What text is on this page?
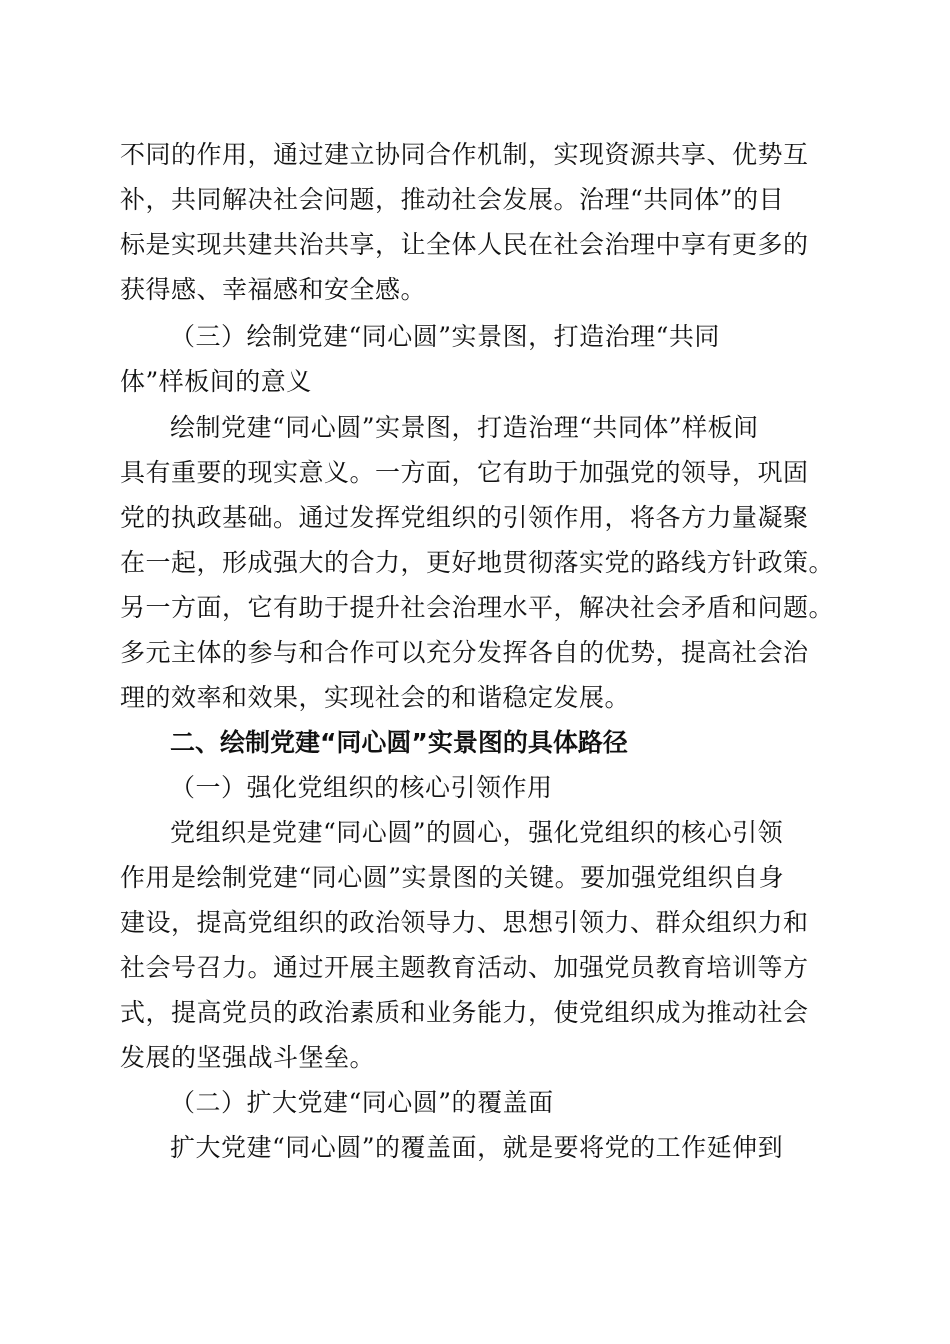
不同的作用，通过建立协同合作机制，实现资源共享、优势互
补，共同解决社会问题，推动社会发展。治理“共同体”的目
标是实现共建共治共享，让全体人民在社会治理中享有更多的
获得感、幸福感和安全感。
（三）绘制党建“同心圆”实景图，打造治理“共同
体”样板间的意义
绘制党建“同心圆”实景图，打造治理“共同体”样板间
具有重要的现实意义。一方面，它有助于加强党的领导，巩固
党的执政基础。通过发挥党组织的引领作用，将各方力量凝聚
在一起，形成强大的合力，更好地贯彻落实党的路线方针政策。
另一方面，它有助于提升社会治理水平，解决社会矛盾和问题。
多元主体的参与和合作可以充分发挥各自的优势，提高社会治
理的效率和效果，实现社会的和谐稳定发展。
二、绘制党建“同心圆”实景图的具体路径
（一）强化党组织的核心引领作用
党组织是党建“同心圆”的圆心，强化党组织的核心引领
作用是绘制党建“同心圆”实景图的关键。要加强党组织自身
建设，提高党组织的政治领导力、思想引领力、群众组织力和
社会号召力。通过开展主题教育活动、加强党员教育培训等方
式，提高党员的政治素质和业务能力，使党组织成为推动社会
发展的坚强战斗堡垒。
（二）扩大党建“同心圆”的覆盖面
扩大党建“同心圆”的覆盖面，就是要将党的工作延伸到
